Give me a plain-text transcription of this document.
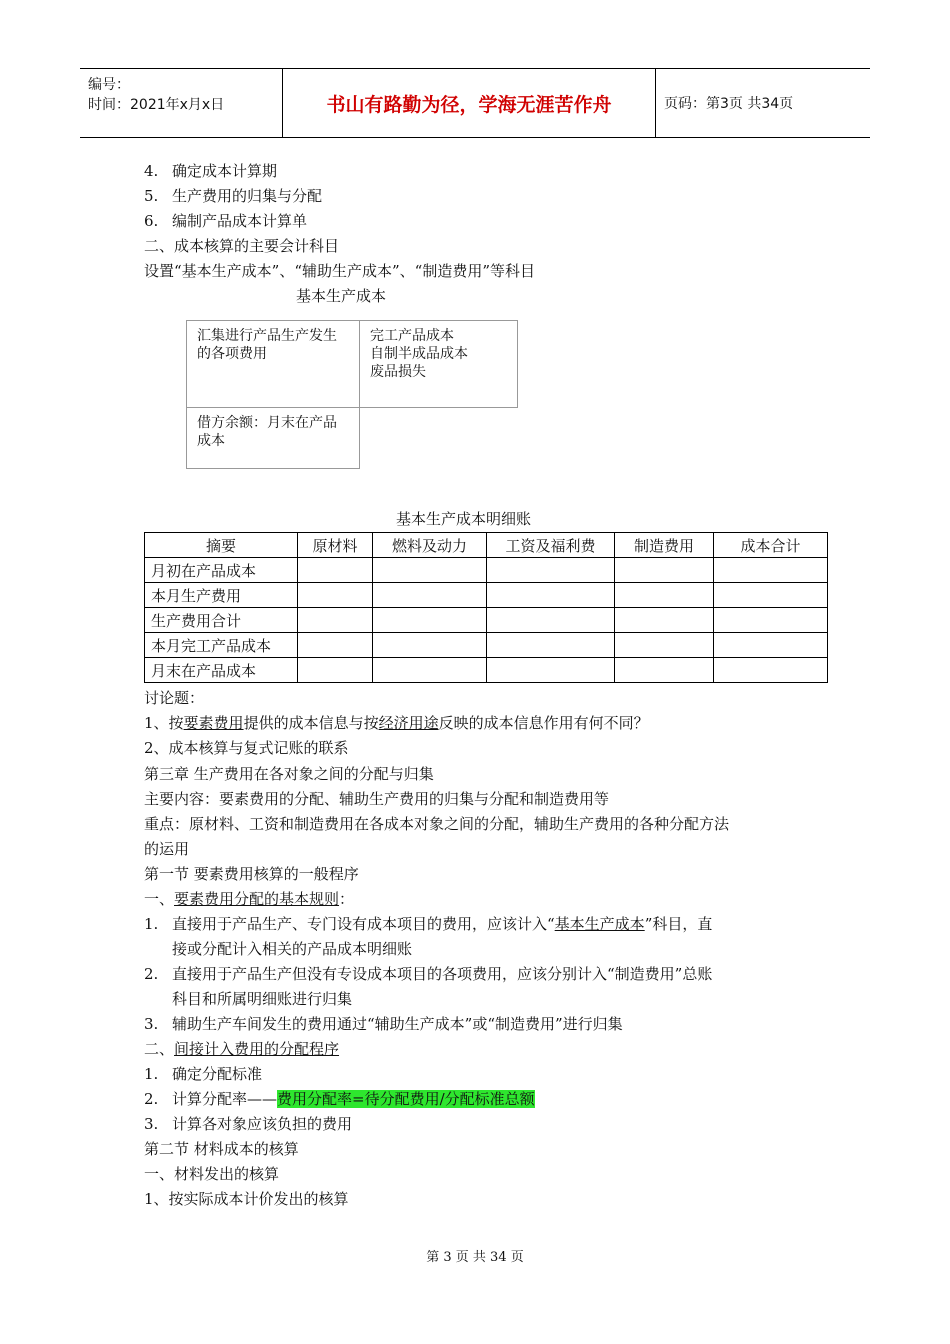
编号：
时间：2021年x月x日	书山有路勤为径，学海无涯苦作舟	页码：第3页 共34页
4. 确定成本计算期
5. 生产费用的归集与分配
6. 编制产品成本计算单
二、成本核算的主要会计科目
设置“基本生产成本”、“辅助生产成本”、“制造费用”等科目
基本生产成本
汇集进行产品生产发生的各项费用
完工产品成本
自制半成品成本
废品损失
借方余额：月末在产品成本
基本生产成本明细账
摘要	原材料	燃料及动力	工资及福利费	制造费用	成本合计
月初在产品成本					
本月生产费用					
生产费用合计					
本月完工产品成本					
月末在产品成本					
讨论题：
1、按要素费用提供的成本信息与按经济用途反映的成本信息作用有何不同？
2、成本核算与复式记账的联系
第三章 生产费用在各对象之间的分配与归集
主要内容：要素费用的分配、辅助生产费用的归集与分配和制造费用等
重点：原材料、工资和制造费用在各成本对象之间的分配，辅助生产费用的各种分配方法
的运用
第一节 要素费用核算的一般程序
一、要素费用分配的基本规则：
1. 直接用于产品生产、专门设有成本项目的费用，应该计入“基本生产成本”科目，直
接或分配计入相关的产品成本明细账
2. 直接用于产品生产但没有专设成本项目的各项费用，应该分别计入“制造费用”总账
科目和所属明细账进行归集
3. 辅助生产车间发生的费用通过“辅助生产成本”或“制造费用”进行归集
二、间接计入费用的分配程序
1. 确定分配标准
2. 计算分配率——费用分配率=待分配费用/分配标准总额
3. 计算各对象应该负担的费用
第二节 材料成本的核算
一、材料发出的核算
1、按实际成本计价发出的核算
第 3 页 共 34 页
